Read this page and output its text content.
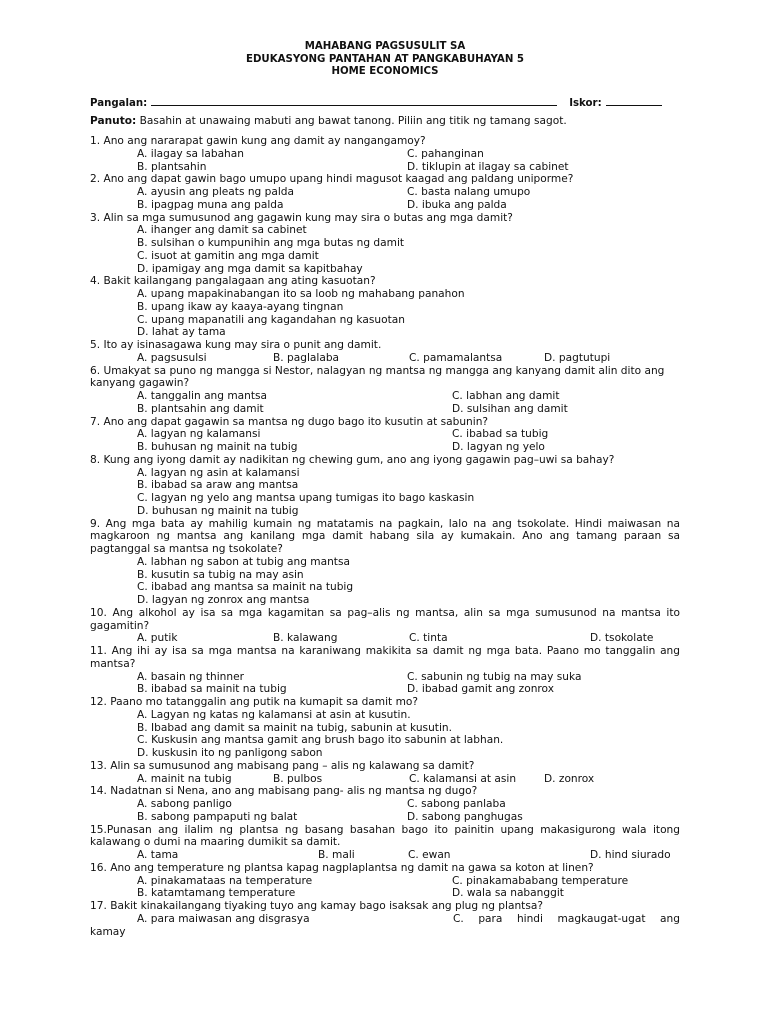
MAHABANG PAGSUSULIT SA
EDUKASYONG PANTAHAN AT PANGKABUHAYAN 5
HOME ECONOMICS
Pangalan:	Iskor:
Panuto: Basahin at unawaing mabuti ang bawat tanong. Piliin ang titik ng tamang sagot.
1. Ano ang nararapat gawin kung ang damit ay nangangamoy?
A. ilagay sa labahan	C. pahanginan
B. plantsahin	D. tiklupin at ilagay sa cabinet
2. Ano ang dapat gawin bago umupo upang hindi magusot kaagad ang paldang uniporme?
A. ayusin ang pleats ng palda	C. basta nalang umupo
B. ipagpag muna ang palda	D. ibuka ang palda
3. Alin sa mga sumusunod ang gagawin kung may sira o butas ang mga damit?
A. ihanger ang damit sa cabinet
B. sulsihan o kumpunihin ang mga butas ng damit
C. isuot at gamitin ang mga damit
D. ipamigay ang mga damit sa kapitbahay
4. Bakit kailangang pangalagaan ang ating kasuotan?
A. upang mapakinabangan ito sa loob ng mahabang panahon
B. upang ikaw ay kaaya-ayang tingnan
C. upang mapanatili ang kagandahan ng kasuotan
D. lahat ay tama
5. Ito ay isinasagawa kung may sira o punit ang damit.
A. pagsusulsi	B. paglalaba	C. pamamalantsa	D. pagtutupi
6. Umakyat sa puno ng mangga si Nestor, nalagyan ng mantsa ng mangga ang kanyang damit alin dito ang kanyang gagawin?
A. tanggalin ang mantsa	C. labhan ang damit
B. plantsahin ang damit	D. sulsihan ang damit
7. Ano ang dapat gagawin sa mantsa ng dugo bago ito kusutin at sabunin?
A. lagyan ng kalamansi	C. ibabad sa tubig
B. buhusan ng mainit na tubig	D. lagyan ng yelo
8. Kung ang iyong damit ay nadikitan ng chewing gum, ano ang iyong gagawin pag–uwi sa bahay?
A. lagyan ng asin at kalamansi
B. ibabad sa araw ang mantsa
C. lagyan ng yelo ang mantsa upang tumigas ito bago kaskasin
D. buhusan ng mainit na tubig
9. Ang mga bata ay mahilig kumain ng matatamis na pagkain, lalo na ang tsokolate. Hindi maiwasan na magkaroon ng mantsa ang kanilang mga damit habang sila ay kumakain. Ano ang tamang paraan sa pagtanggal sa mantsa ng tsokolate?
A. labhan ng sabon at tubig ang mantsa
B. kusutin sa tubig na may asin
C. ibabad ang mantsa sa mainit na tubig
D. lagyan ng zonrox ang mantsa
10. Ang alkohol ay isa sa mga kagamitan sa pag–alis ng mantsa, alin sa mga sumusunod na mantsa ito gagamitin?
A. putik	B. kalawang	C. tinta	D. tsokolate
11. Ang ihi ay isa sa mga mantsa na karaniwang makikita sa damit ng mga bata. Paano mo tanggalin ang mantsa?
A. basain ng thinner	C. sabunin ng tubig na may suka
B. ibabad sa mainit na tubig	D. ibabad gamit ang zonrox
12. Paano mo tatanggalin ang putik na kumapit sa damit mo?
A. Lagyan ng katas ng kalamansi at asin at kusutin.
B. Ibabad ang damit sa mainit na tubig, sabunin at kusutin.
C. Kuskusin ang mantsa gamit ang brush bago ito sabunin at labhan.
D. kuskusin ito ng panligong sabon
13. Alin sa sumusunod ang mabisang pang – alis ng kalawang sa damit?
A. mainit na tubig	B. pulbos	C. kalamansi at asin	D. zonrox
14. Nadatnan si Nena, ano ang mabisang pang- alis ng mantsa ng dugo?
A. sabong panligo	C. sabong panlaba
B. sabong pampaputi ng balat	D. sabong panghugas
15.Punasan ang ilalim ng plantsa ng basang basahan bago ito painitin upang makasigurong wala itong kalawang o dumi na maaring dumikit sa damit.
A. tama	B. mali	C. ewan	D. hind siurado
16. Ano ang temperature ng plantsa kapag nagplaplantsa ng damit na gawa sa koton at linen?
A. pinakamataas na temperature	C. pinakamababang temperature
B. katamtamang temperature	D. wala sa nabanggit
17. Bakit kinakailangang tiyaking tuyo ang kamay bago isaksak ang plug ng plantsa?
A. para maiwasan ang disgrasya	C. para hindi magkaugat-ugat ang
kamay
